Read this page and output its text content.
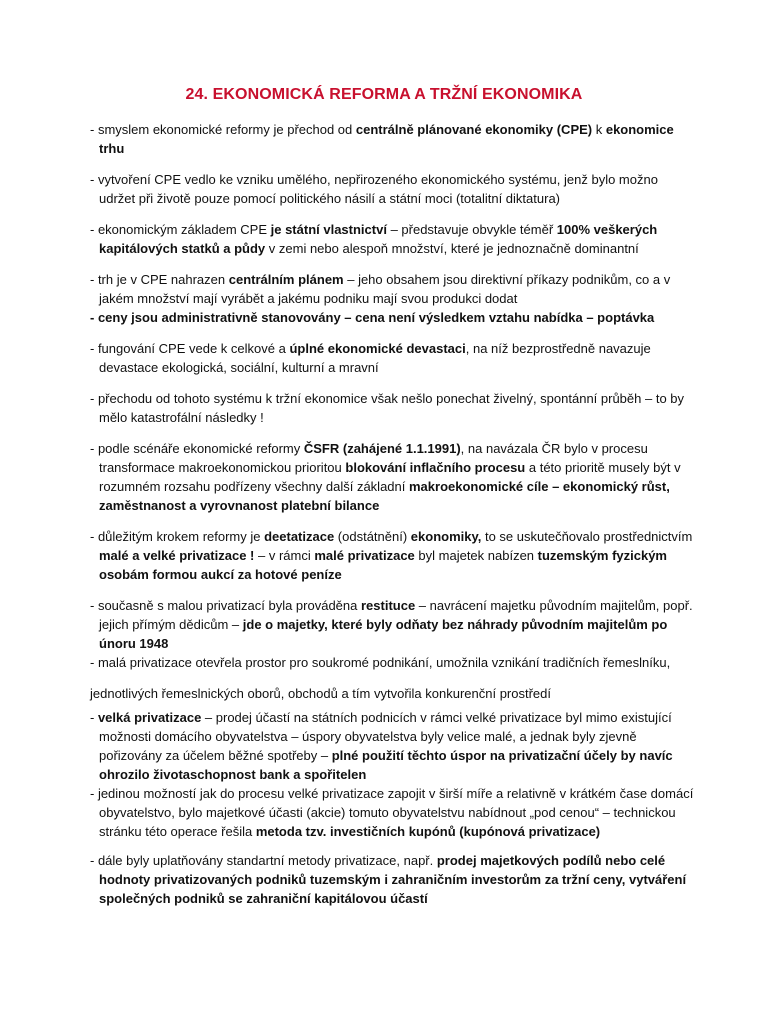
24. EKONOMICKÁ REFORMA A TRŽNÍ EKONOMIKA
- smyslem ekonomické reformy je přechod od centrálně plánované ekonomiky (CPE) k ekonomice trhu
- vytvoření CPE vedlo ke vzniku umělého, nepřirozeného ekonomického systému, jenž bylo možno udržet při životě pouze pomocí politického násilí a státní moci (totalitní diktatura)
- ekonomickým základem CPE je státní vlastnictví – představuje obvykle téměř 100% veškerých kapitálových statků a půdy v zemi nebo alespoň množství, které je jednoznačně dominantní
- trh je v CPE nahrazen centrálním plánem – jeho obsahem jsou direktivní příkazy podnikům, co a v jakém množství mají vyrábět a jakému podniku mají svou produkci dodat
- ceny jsou administrativně stanovovány – cena není výsledkem vztahu nabídka – poptávka
- fungování CPE vede k celkové a úplné ekonomické devastaci, na níž bezprostředně navazuje devastace ekologická, sociální, kulturní a mravní
- přechodu od tohoto systému k tržní ekonomice však nešlo ponechat živelný, spontánní průběh – to by mělo katastrofální následky !
- podle scénáře ekonomické reformy ČSFR (zahájené 1.1.1991), na navázala ČR bylo v procesu transformace makroekonomickou prioritou blokování inflačního procesu a této prioritě musely být v rozumném rozsahu podřízeny všechny další základní makroekonomické cíle – ekonomický růst, zaměstnanost a vyrovnanost platební bilance
- důležitým krokem reformy je deetatizace (odstátnění) ekonomiky, to se uskutečňovalo prostřednictvím malé a velké privatizace ! – v rámci malé privatizace byl majetek nabízen tuzemským fyzickým osobám formou aukcí za hotové peníze
- současně s malou privatizací byla prováděna restituce – navrácení majetku původním majitelům, popř. jejich přímým dědicům – jde o majetky, které byly odňaty bez náhrady původním majitelům po únoru 1948
- malá privatizace otevřela prostor pro soukromé podnikání, umožnila vznikání tradičních řemeslníku,
jednotlivých řemeslnických oborů, obchodů a tím vytvořila konkurenční prostředí
- velká privatizace – prodej účastí na státních podnicích v rámci velké privatizace byl mimo existující možnosti domácího obyvatelstva – úspory obyvatelstva byly velice malé, a jednak byly zjevně pořizovány za účelem běžné spotřeby – plné použití těchto úspor na privatizační účely by navíc ohrozilo životaschopnost bank a spořitelen
- jedinou možností jak do procesu velké privatizace zapojit v širší míře a relativně v krátkém čase domácí obyvatelstvo, bylo majetkové účasti (akcie) tomuto obyvatelstvu nabídnout „pod cenou“ – technickou stránku této operace řešila metoda tzv. investičních kupónů (kupónová privatizace)
- dále byly uplatňovány standartní metody privatizace, např. prodej majetkových podílů nebo celé hodnoty privatizovaných podniků tuzemským i zahraničním investorům za tržní ceny, vytváření společných podniků se zahraniční kapitálovou účastí
